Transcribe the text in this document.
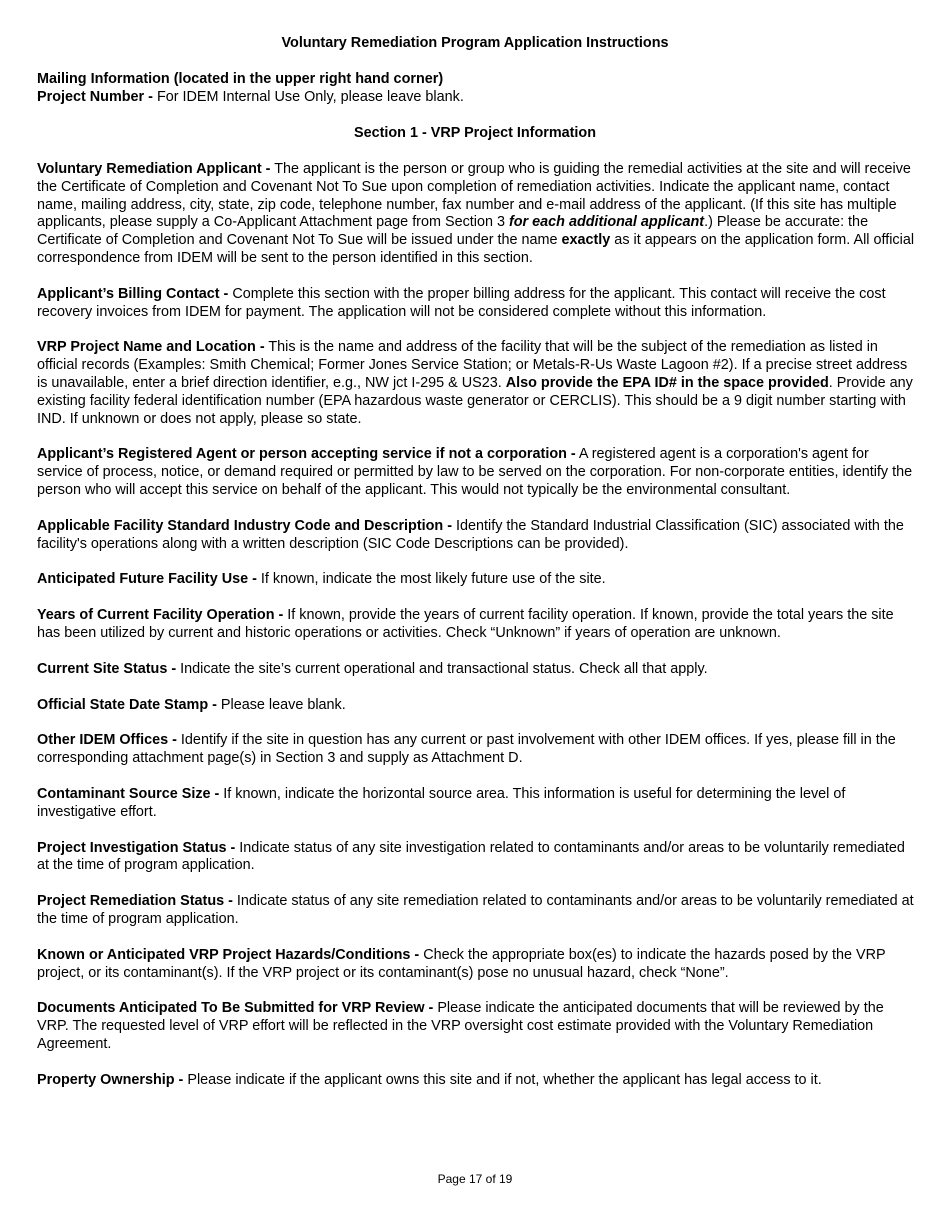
Voluntary Remediation Program Application Instructions
Mailing Information (located in the upper right hand corner)
Project Number - For IDEM Internal Use Only, please leave blank.
Section 1 - VRP Project Information

Voluntary Remediation Applicant - The applicant is the person or group who is guiding the remedial activities at the site and will receive the Certificate of Completion and Covenant Not To Sue upon completion of remediation activities. Indicate the applicant name, contact name, mailing address, city, state, zip code, telephone number, fax number and e-mail address of the applicant. (If this site has multiple applicants, please supply a Co-Applicant Attachment page from Section 3 for each additional applicant.) Please be accurate: the Certificate of Completion and Covenant Not To Sue will be issued under the name exactly as it appears on the application form. All official correspondence from IDEM will be sent to the person identified in this section.

Applicant’s Billing Contact - Complete this section with the proper billing address for the applicant. This contact will receive the cost recovery invoices from IDEM for payment. The application will not be considered complete without this information.

VRP Project Name and Location - This is the name and address of the facility that will be the subject of the remediation as listed in official records (Examples: Smith Chemical; Former Jones Service Station; or Metals-R-Us Waste Lagoon #2). If a precise street address is unavailable, enter a brief direction identifier, e.g., NW jct I-295 & US23. Also provide the EPA ID# in the space provided. Provide any existing facility federal identification number (EPA hazardous waste generator or CERCLIS). This should be a 9 digit number starting with IND. If unknown or does not apply, please so state.

Applicant’s Registered Agent or person accepting service if not a corporation - A registered agent is a corporation's agent for service of process, notice, or demand required or permitted by law to be served on the corporation. For non-corporate entities, identify the person who will accept this service on behalf of the applicant. This would not typically be the environmental consultant.

Applicable Facility Standard Industry Code and Description - Identify the Standard Industrial Classification (SIC) associated with the facility's operations along with a written description (SIC Code Descriptions can be provided).

Anticipated Future Facility Use - If known, indicate the most likely future use of the site.

Years of Current Facility Operation - If known, provide the years of current facility operation. If known, provide the total years the site has been utilized by current and historic operations or activities. Check “Unknown” if years of operation are unknown.

Current Site Status - Indicate the site’s current operational and transactional status. Check all that apply.

Official State Date Stamp - Please leave blank.

Other IDEM Offices - Identify if the site in question has any current or past involvement with other IDEM offices. If yes, please fill in the corresponding attachment page(s) in Section 3 and supply as Attachment D.

Contaminant Source Size - If known, indicate the horizontal source area. This information is useful for determining the level of investigative effort.

Project Investigation Status - Indicate status of any site investigation related to contaminants and/or areas to be voluntarily remediated at the time of program application.

Project Remediation Status - Indicate status of any site remediation related to contaminants and/or areas to be voluntarily remediated at the time of program application.

Known or Anticipated VRP Project Hazards/Conditions - Check the appropriate box(es) to indicate the hazards posed by the VRP project, or its contaminant(s). If the VRP project or its contaminant(s) pose no unusual hazard, check “None”.

Documents Anticipated To Be Submitted for VRP Review - Please indicate the anticipated documents that will be reviewed by the VRP. The requested level of VRP effort will be reflected in the VRP oversight cost estimate provided with the Voluntary Remediation Agreement.

Property Ownership - Please indicate if the applicant owns this site and if not, whether the applicant has legal access to it.

Page 17 of 19
